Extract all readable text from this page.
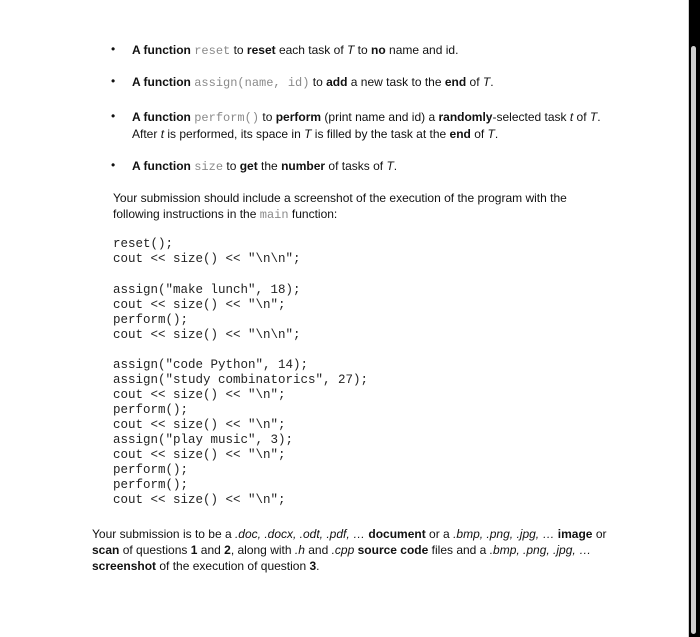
• A function reset to reset each task of T to no name and id.
• A function assign(name, id) to add a new task to the end of T.
• A function perform() to perform (print name and id) a randomly-selected task t of T.
After t is performed, its space in T is filled by the task at the end of T.
• A function size to get the number of tasks of T.
Your submission should include a screenshot of the execution of the program with the
following instructions in the main function:
reset();
cout << size() << "\n\n";
assign("make lunch", 18);
cout << size() << "\n";
perform();
cout << size() << "\n\n";
assign("code Python", 14);
assign("study combinatorics", 27);
cout << size() << "\n";
perform();
cout << size() << "\n";
assign("play music", 3);
cout << size() << "\n";
perform();
perform();
cout << size() << "\n";
Your submission is to be a .doc, .docx, .odt, .pdf, … document or a .bmp, .png, .jpg, … image or
scan of questions 1 and 2, along with .h and .cpp source code files and a .bmp, .png, .jpg, …
screenshot of the execution of question 3.
